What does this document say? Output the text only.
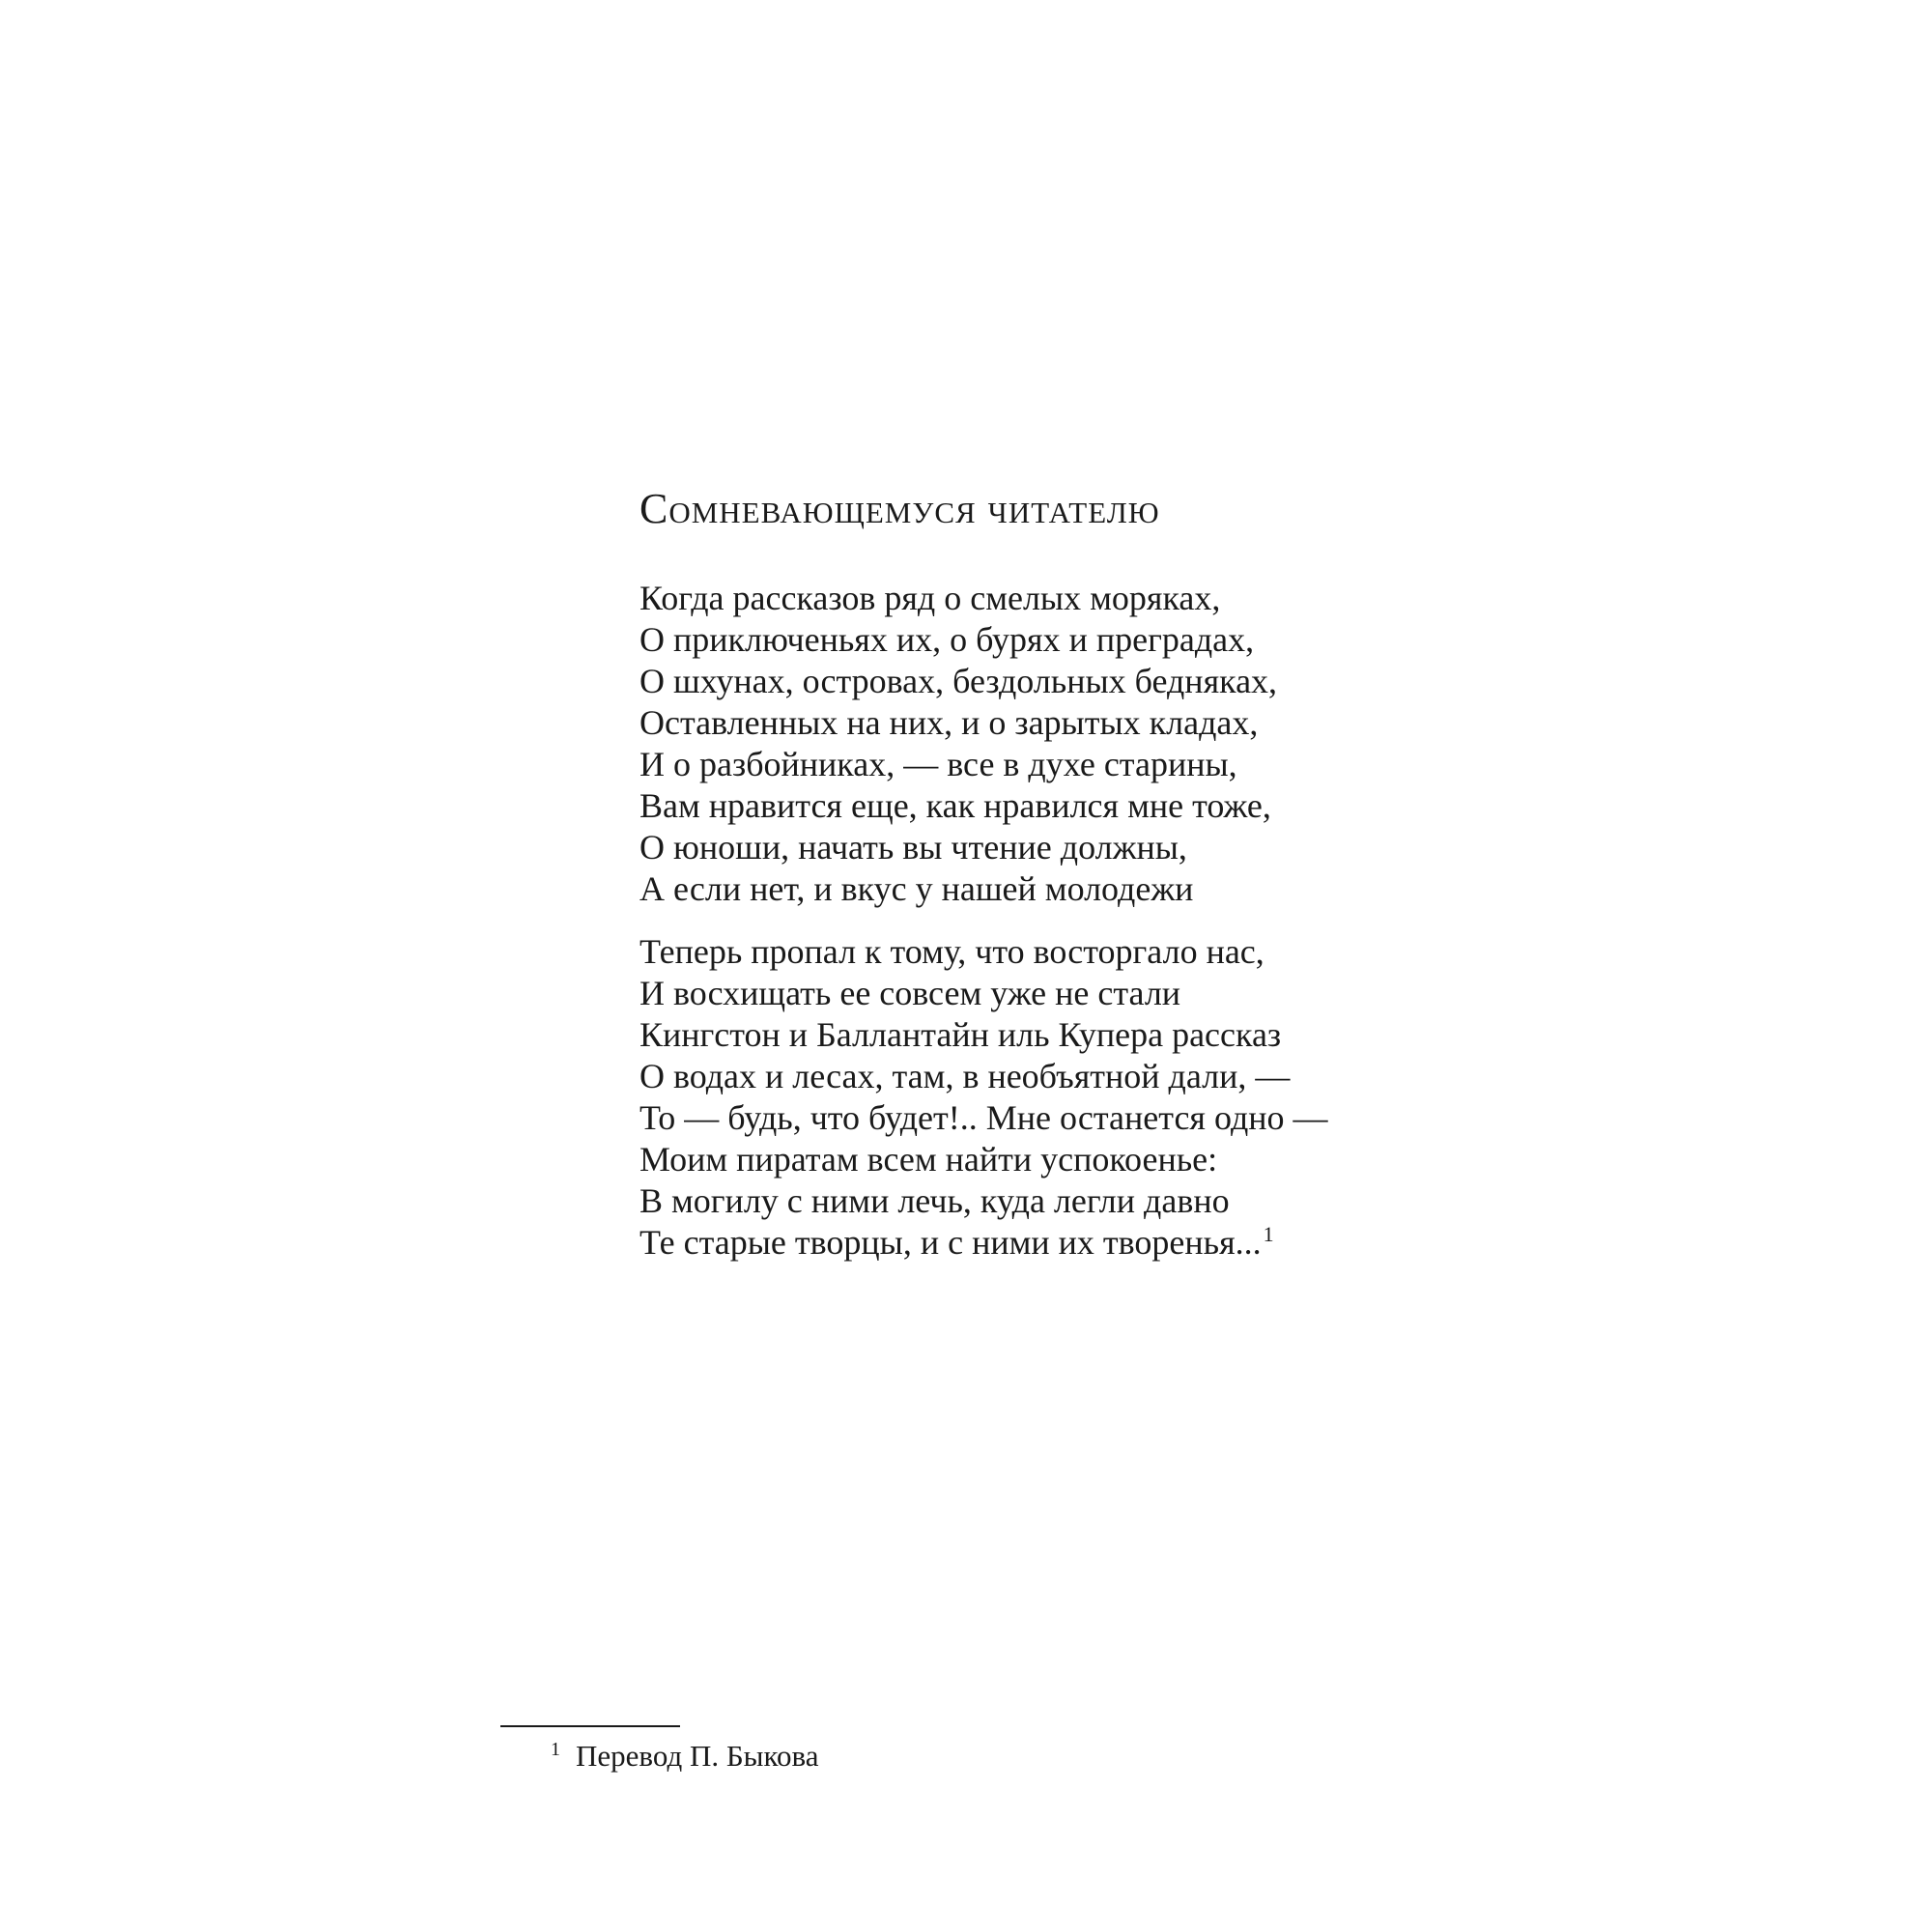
Сомневающемуся читателю
Когда рассказов ряд о смелых моряках,
О приключеньях их, о бурях и преградах,
О шхунах, островах, бездольных бедняках,
Оставленных на них, и о зарытых кладах,
И о разбойниках, — все в духе старины,
Вам нравится еще, как нравился мне тоже,
О юноши, начать вы чтение должны,
А если нет, и вкус у нашей молодежи
Теперь пропал к тому, что восторгало нас,
И восхищать ее совсем уже не стали
Кингстон и Баллантайн иль Купера рассказ
О водах и лесах, там, в необъятной дали, —
То — будь, что будет!.. Мне останется одно —
Моим пиратам всем найти успокоенье:
В могилу с ними лечь, куда легли давно
Те старые творцы, и с ними их творенья...$^1$
$^1$ Перевод П. Быкова
